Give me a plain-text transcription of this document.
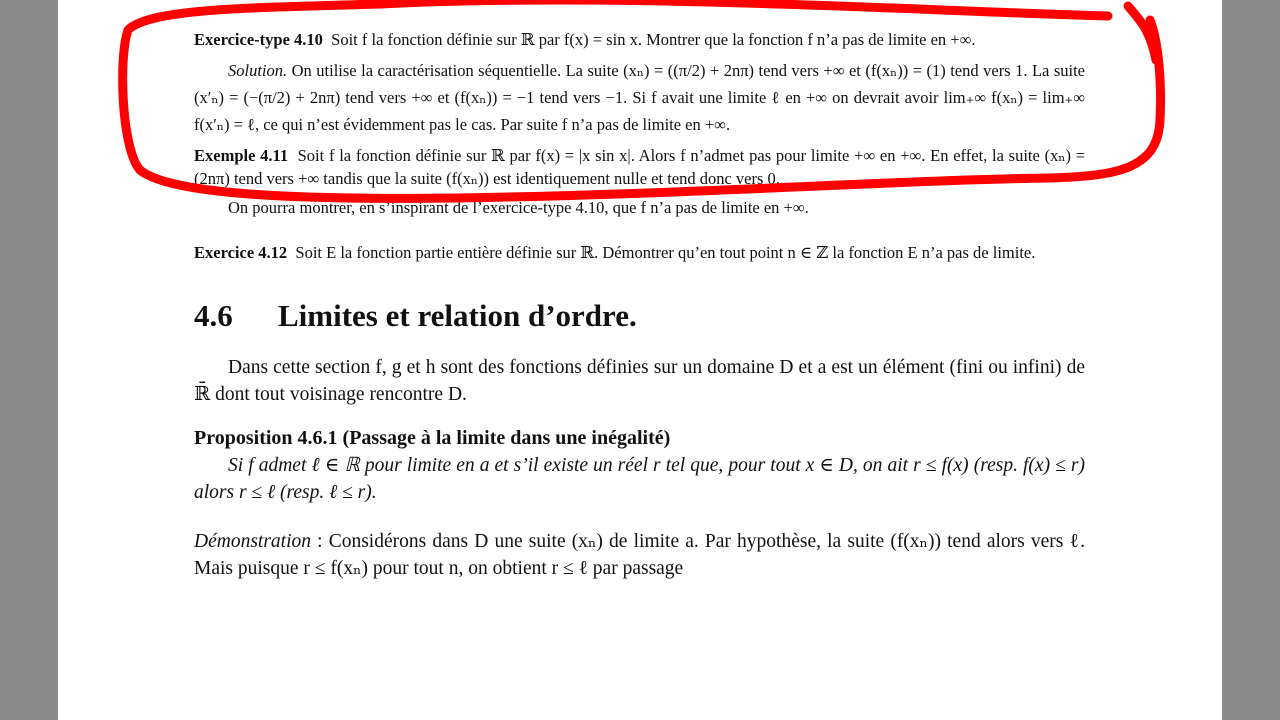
Exercice-type 4.10 Soit f la fonction définie sur ℝ par f(x) = sin x. Montrer que la fonction f n’a pas de limite en +∞.

Solution. On utilise la caractérisation séquentielle. La suite (xₙ) = ((π/2) + 2nπ) tend vers +∞ et (f(xₙ)) = (1) tend vers 1. La suite (x′ₙ) = (−(π/2) + 2nπ) tend vers +∞ et (f(xₙ)) = −1 tend vers −1. Si f avait une limite ℓ en +∞ on devrait avoir lim₊∞ f(xₙ) = lim₊∞ f(x′ₙ) = ℓ, ce qui n’est évidemment pas le cas. Par suite f n’a pas de limite en +∞.

Exemple 4.11 Soit f la fonction définie sur ℝ par f(x) = |x sin x|. Alors f n’admet pas pour limite +∞ en +∞. En effet, la suite (xₙ) = (2nπ) tend vers +∞ tandis que la suite (f(xₙ)) est identiquement nulle et tend donc vers 0.

On pourra montrer, en s’inspirant de l’exercice-type 4.10, que f n’a pas de limite en +∞.

Exercice 4.12 Soit E la fonction partie entière définie sur ℝ. Démontrer qu’en tout point n ∈ ℤ la fonction E n’a pas de limite.

4.6 Limites et relation d’ordre.

Dans cette section f, g et h sont des fonctions définies sur un domaine D et a est un élément (fini ou infini) de ℝ̄ dont tout voisinage rencontre D.

Proposition 4.6.1 (Passage à la limite dans une inégalité)

Si f admet ℓ ∈ ℝ pour limite en a et s’il existe un réel r tel que, pour tout x ∈ D, on ait r ≤ f(x) (resp. f(x) ≤ r) alors r ≤ ℓ (resp. ℓ ≤ r).

Démonstration : Considérons dans D une suite (xₙ) de limite a. Par hypothèse, la suite (f(xₙ)) tend alors vers ℓ. Mais puisque r ≤ f(xₙ) pour tout n, on obtient r ≤ ℓ par passage
